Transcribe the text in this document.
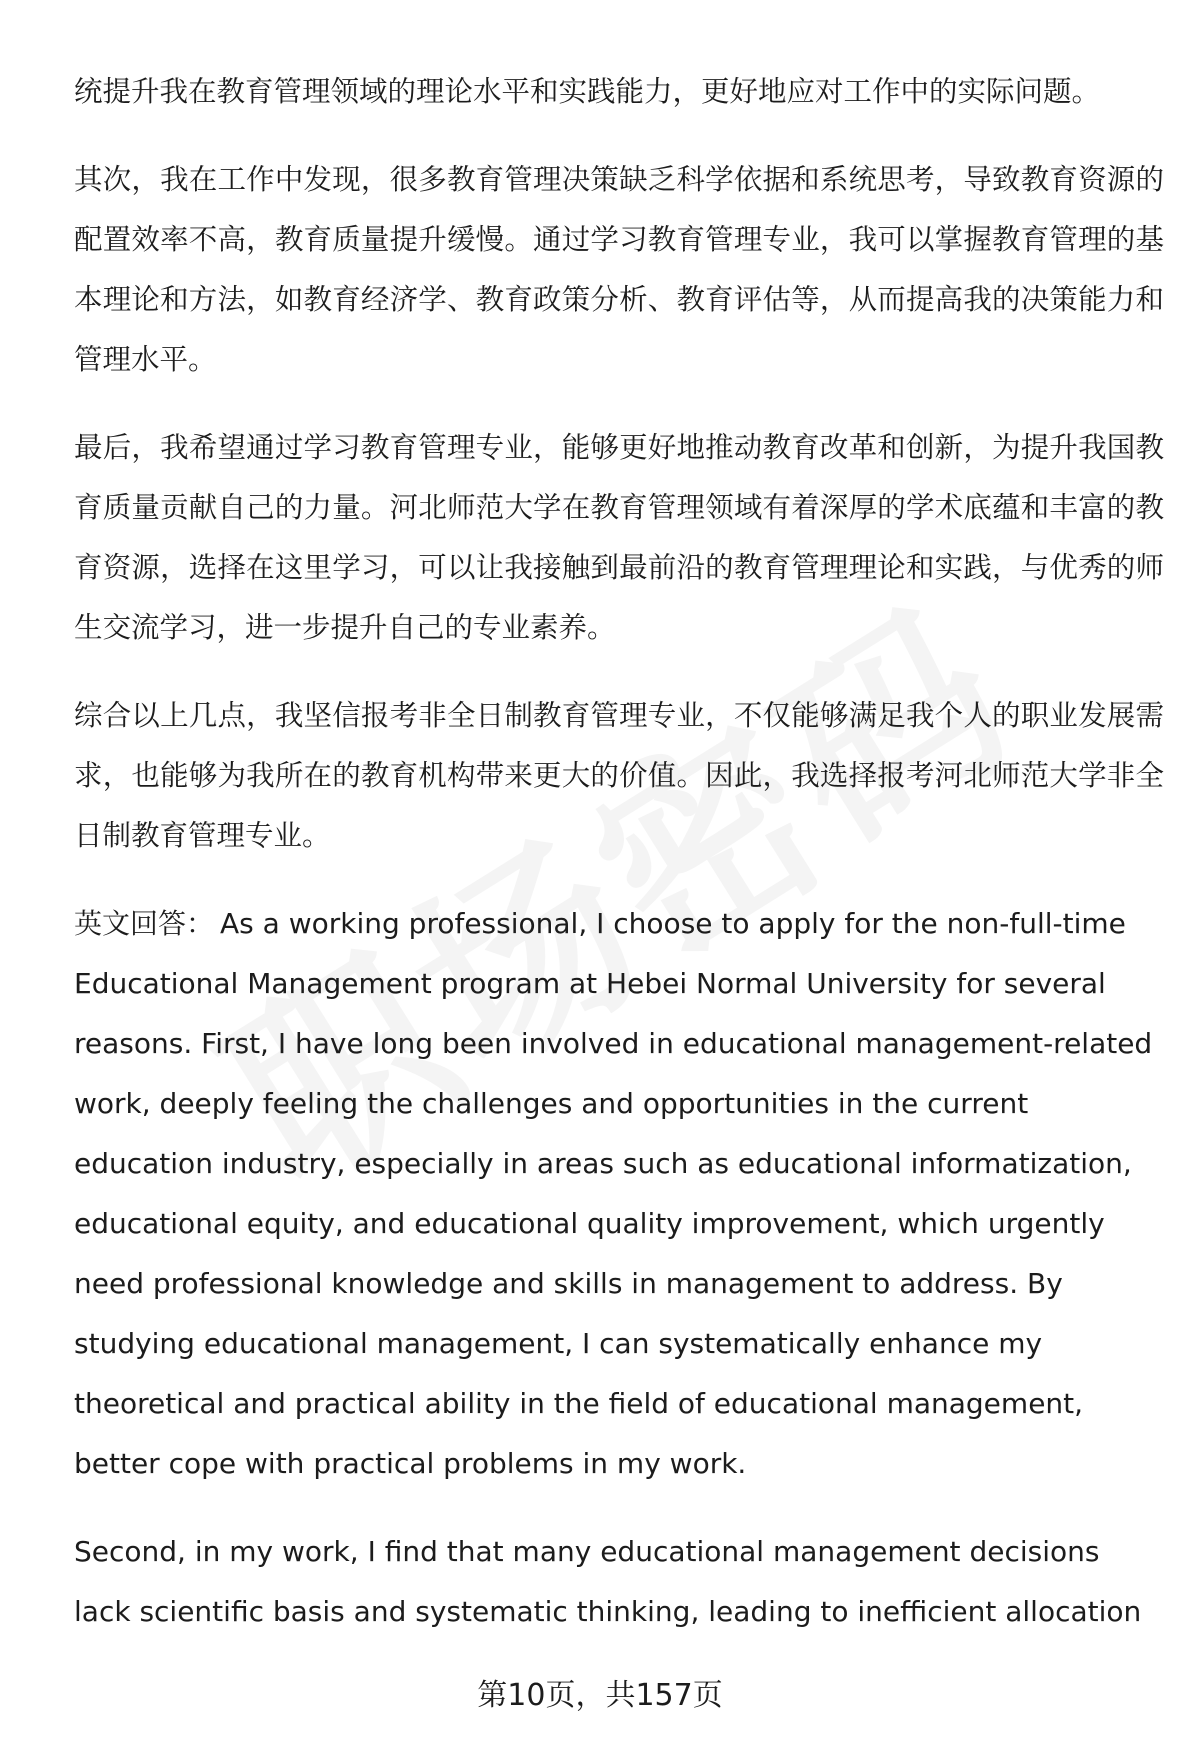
统提升我在教育管理领域的理论水平和实践能力，更好地应对工作中的实际问题。

其次，我在工作中发现，很多教育管理决策缺乏科学依据和系统思考，导致教育资源的配置效率不高，教育质量提升缓慢。通过学习教育管理专业，我可以掌握教育管理的基本理论和方法，如教育经济学、教育政策分析、教育评估等，从而提高我的决策能力和管理水平。

最后，我希望通过学习教育管理专业，能够更好地推动教育改革和创新，为提升我国教育质量贡献自己的力量。河北师范大学在教育管理领域有着深厚的学术底蕴和丰富的教育资源，选择在这里学习，可以让我接触到最前沿的教育管理理论和实践，与优秀的师生交流学习，进一步提升自己的专业素养。

综合以上几点，我坚信报考非全日制教育管理专业，不仅能够满足我个人的职业发展需求，也能够为我所在的教育机构带来更大的价值。因此，我选择报考河北师范大学非全日制教育管理专业。

英文回答： As a working professional, I choose to apply for the non-full-time Educational Management program at Hebei Normal University for several reasons. First, I have long been involved in educational management-related work, deeply feeling the challenges and opportunities in the current education industry, especially in areas such as educational informatization, educational equity, and educational quality improvement, which urgently need professional knowledge and skills in management to address. By studying educational management, I can systematically enhance my theoretical and practical ability in the field of educational management, better cope with practical problems in my work.

Second, in my work, I find that many educational management decisions lack scientific basis and systematic thinking, leading to inefficient allocation

第10页，共157页
